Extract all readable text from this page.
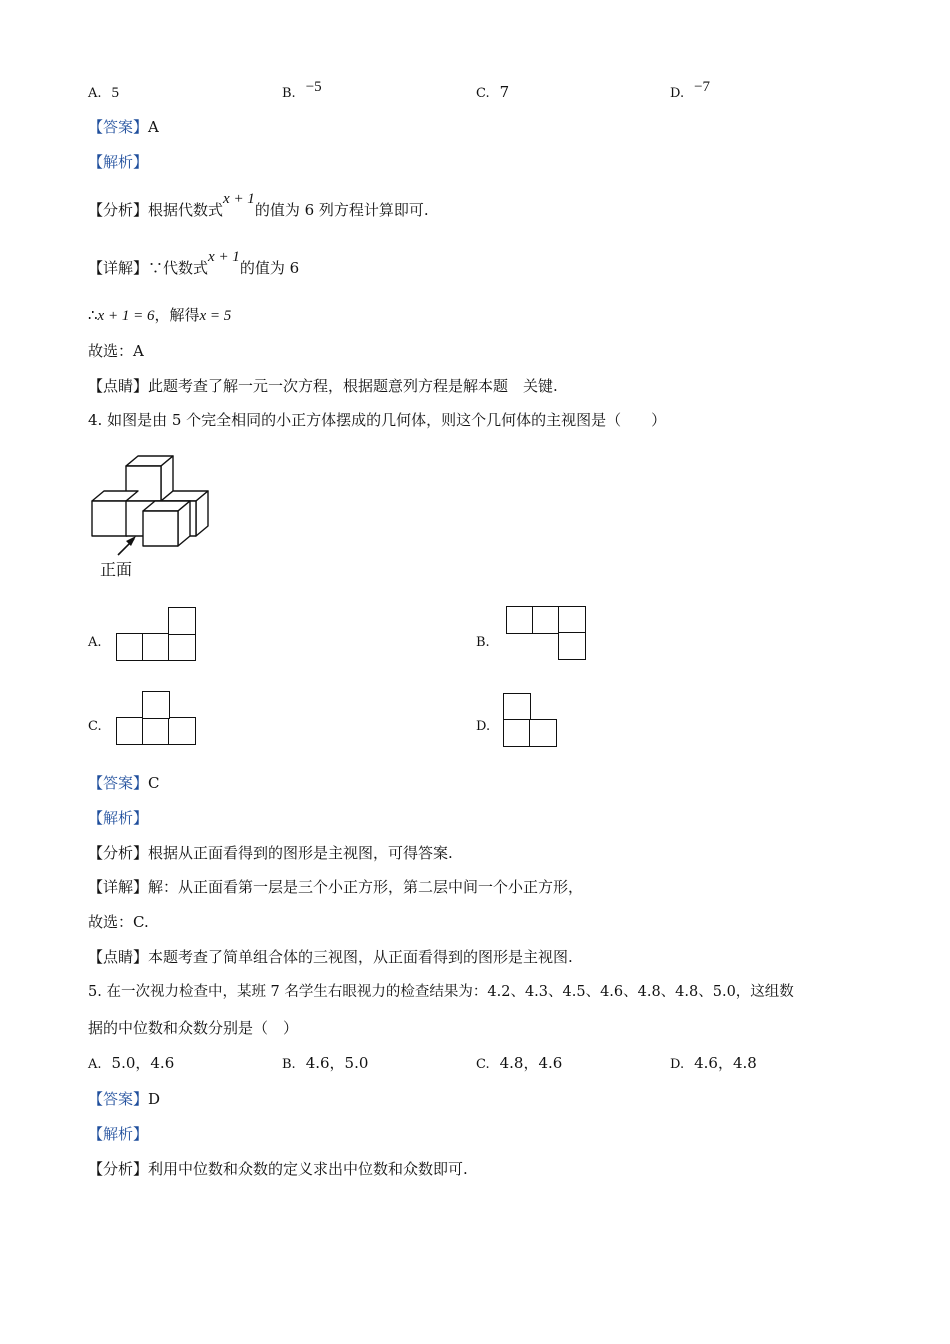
A. 5	B. −5	C. 7	D. −7
【答案】A
【解析】
【分析】根据代数式x + 1的值为 6 列方程计算即可.
【详解】∵代数式x + 1的值为 6
∴x + 1 = 6，解得x = 5
故选：A
【点睛】此题考查了解一元一次方程，根据题意列方程是解本题　关键.
4. 如图是由 5 个完全相同的小正方体摆成的几何体，则这个几何体的主视图是（　　）
正面
A.	B.
C.	D.
【答案】C
【解析】
【分析】根据从正面看得到的图形是主视图，可得答案.
【详解】解：从正面看第一层是三个小正方形，第二层中间一个小正方形，
故选：C.
【点睛】本题考查了简单组合体的三视图，从正面看得到的图形是主视图.
5. 在一次视力检查中，某班 7 名学生右眼视力的检查结果为：4.2、4.3、4.5、4.6、4.8、4.8、5.0，这组数
据的中位数和众数分别是（　）
A. 5.0，4.6	B. 4.6，5.0	C. 4.8，4.6	D. 4.6，4.8
【答案】D
【解析】
【分析】利用中位数和众数的定义求出中位数和众数即可.
